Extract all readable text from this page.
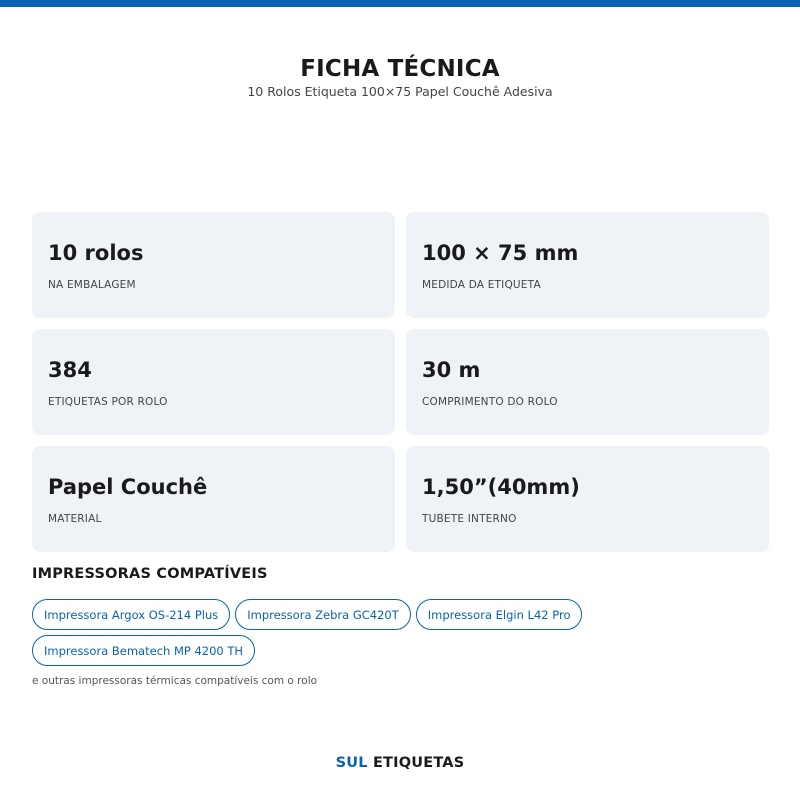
FICHA TÉCNICA
10 Rolos Etiqueta 100×75 Papel Couchê Adesiva
10 rolos
NA EMBALAGEM
100 × 75 mm
MEDIDA DA ETIQUETA
384
ETIQUETAS POR ROLO
30 m
COMPRIMENTO DO ROLO
Papel Couchê
MATERIAL
1,50”(40mm)
TUBETE INTERNO
IMPRESSORAS COMPATÍVEIS
Impressora Argox OS-214 Plus	Impressora Zebra GC420T	Impressora Elgin L42 Pro
Impressora Bematech MP 4200 TH
e outras impressoras térmicas compatíveis com o rolo
SUL ETIQUETAS
